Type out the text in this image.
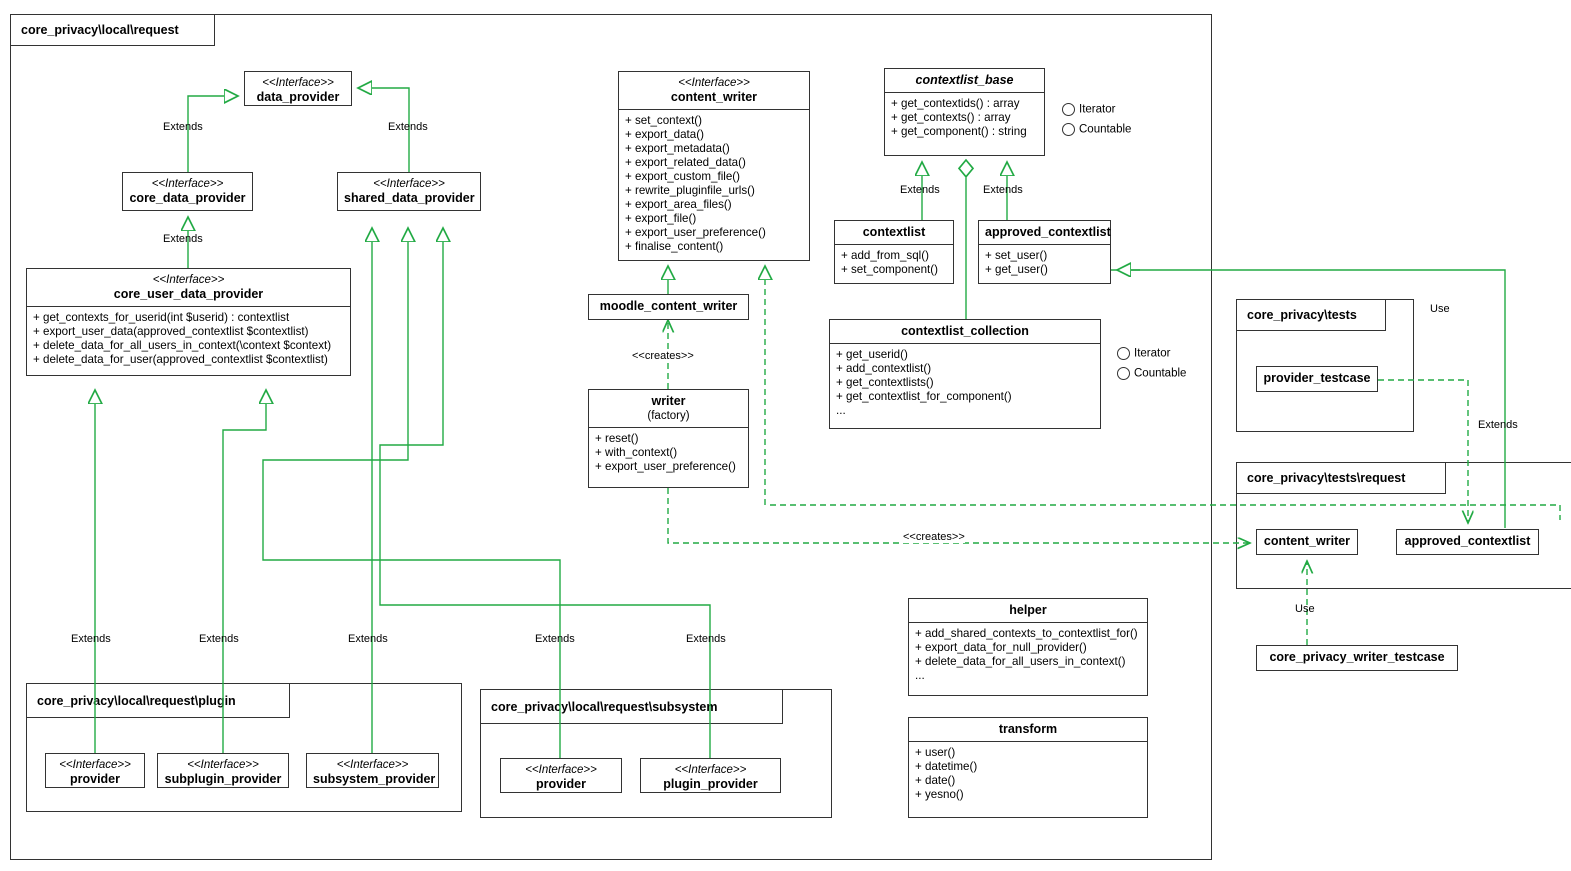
core_privacy\local\request
core_privacy\local\request\plugin	core_privacy\local\request\subsystem
core_privacy\tests
core_privacy\tests\request
<<Interface>>
data_provider
<<Interface>>
core_data_provider
<<Interface>>
shared_data_provider
<<Interface>>
core_user_data_provider
+ get_contexts_for_userid(int $userid) : contextlist
+ export_user_data(approved_contextlist $contextlist)
+ delete_data_for_all_users_in_context(\context $context)
+ delete_data_for_user(approved_contextlist $contextlist)
<<Interface>>
content_writer
+ set_context()
+ export_data()
+ export_metadata()
+ export_related_data()
+ export_custom_file()
+ rewrite_pluginfile_urls()
+ export_area_files()
+ export_file()
+ export_user_preference()
+ finalise_content()
moodle_content_writer
writer
(factory)
+ reset()
+ with_context()
+ export_user_preference()
contextlist_base
+ get_contextids() : array
+ get_contexts() : array
+ get_component() : string
contextlist
+ add_from_sql()
+ set_component()
approved_contextlist
+ set_user()
+ get_user()
contextlist_collection
+ get_userid()
+ add_contextlist()
+ get_contextlists()
+ get_contextlist_for_component()
...
helper
+ add_shared_contexts_to_contextlist_for()
+ export_data_for_null_provider()
+ delete_data_for_all_users_in_context()
...
transform
+ user()
+ datetime()
+ date()
+ yesno()
provider_testcase
content_writer	approved_contextlist
core_privacy_writer_testcase
<<Interface>>
provider
<<Interface>>
subplugin_provider
<<Interface>>
subsystem_provider
<<Interface>>
provider
<<Interface>>
plugin_provider
Iterator
Countable
Iterator
Countable
Extends	Extends
Extends
Extends	Extends
<<creates>>
<<creates>>
Use
Extends
Use
Extends	Extends	Extends	Extends	Extends
